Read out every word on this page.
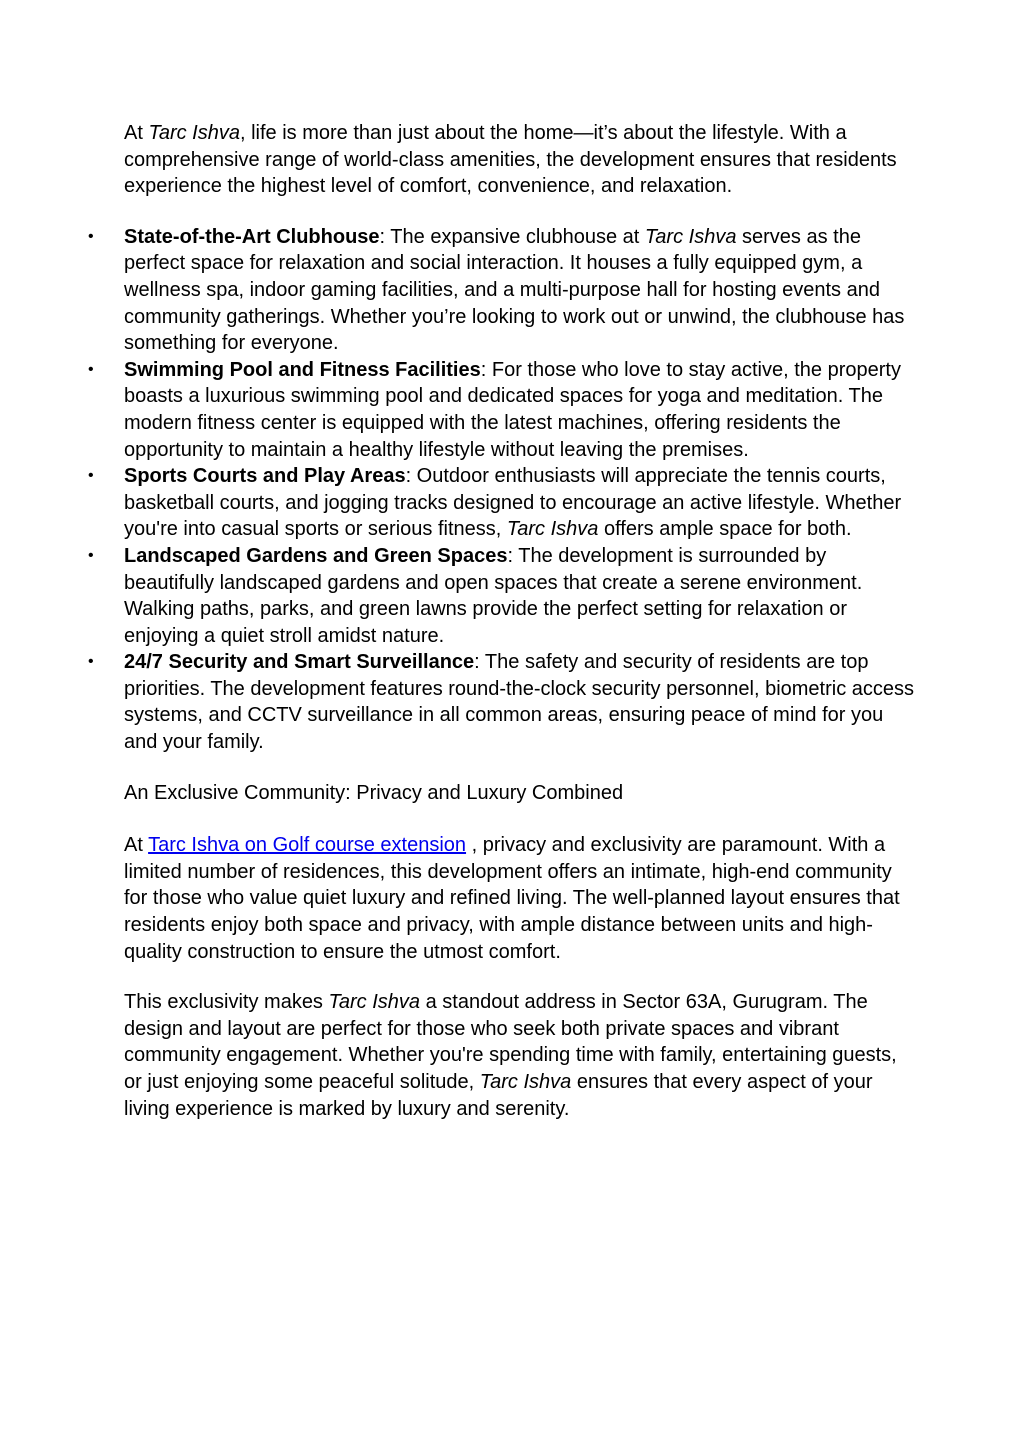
At Tarc Ishva, life is more than just about the home—it’s about the lifestyle. With a comprehensive range of world-class amenities, the development ensures that residents experience the highest level of comfort, convenience, and relaxation.

• State-of-the-Art Clubhouse: The expansive clubhouse at Tarc Ishva serves as the perfect space for relaxation and social interaction. It houses a fully equipped gym, a wellness spa, indoor gaming facilities, and a multi-purpose hall for hosting events and community gatherings. Whether you’re looking to work out or unwind, the clubhouse has something for everyone.
• Swimming Pool and Fitness Facilities: For those who love to stay active, the property boasts a luxurious swimming pool and dedicated spaces for yoga and meditation. The modern fitness center is equipped with the latest machines, offering residents the opportunity to maintain a healthy lifestyle without leaving the premises.
• Sports Courts and Play Areas: Outdoor enthusiasts will appreciate the tennis courts, basketball courts, and jogging tracks designed to encourage an active lifestyle. Whether you're into casual sports or serious fitness, Tarc Ishva offers ample space for both.
• Landscaped Gardens and Green Spaces: The development is surrounded by beautifully landscaped gardens and open spaces that create a serene environment. Walking paths, parks, and green lawns provide the perfect setting for relaxation or enjoying a quiet stroll amidst nature.
• 24/7 Security and Smart Surveillance: The safety and security of residents are top priorities. The development features round-the-clock security personnel, biometric access systems, and CCTV surveillance in all common areas, ensuring peace of mind for you and your family.

An Exclusive Community: Privacy and Luxury Combined

At Tarc Ishva on Golf course extension , privacy and exclusivity are paramount. With a limited number of residences, this development offers an intimate, high-end community for those who value quiet luxury and refined living. The well-planned layout ensures that residents enjoy both space and privacy, with ample distance between units and high-quality construction to ensure the utmost comfort.

This exclusivity makes Tarc Ishva a standout address in Sector 63A, Gurugram. The design and layout are perfect for those who seek both private spaces and vibrant community engagement. Whether you're spending time with family, entertaining guests, or just enjoying some peaceful solitude, Tarc Ishva ensures that every aspect of your living experience is marked by luxury and serenity.
